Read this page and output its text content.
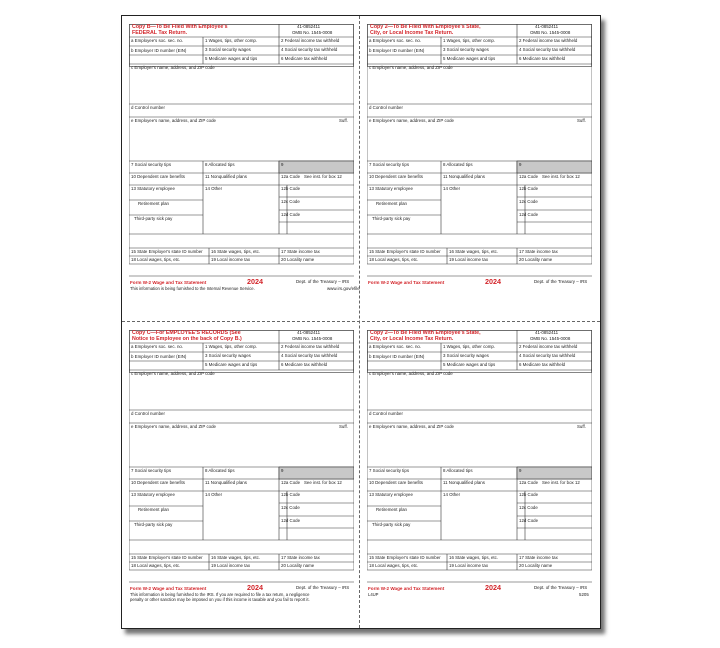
Copy B—To Be Filed With Employee's
FEDERAL Tax Return.
41-0852411
OMB No. 1545-0008
a Employee's soc. sec. no.	1 Wages, tips, other comp.	2 Federal income tax withheld
3 Social security wages	4 Social security tax withheld
b Employer ID number (EIN)
5 Medicare wages and tips	6 Medicare tax withheld
c Employer's name, address, and ZIP code
d Control number
e Employee's name, address, and ZIP code	Suff.
7 Social security tips	8 Allocated tips	9
10 Dependent care benefits	11 Nonqualified plans	12a Code See inst. for box 12
13 Statutory employee	14 Other	12b Code
Retirement plan	12c Code
Third-party sick pay
12d Code
15 State Employer's state ID number 16 State wages, tips, etc.	17 State income tax
18 Local wages, tips, etc.	19 Local income tax	20 Locality name
Form W-2 Wage and Tax Statement	2024	Dept. of the Treasury – IRS
This information is being furnished to the Internal Revenue Service.	www.irs.gov/efile
Copy 2—To Be Filed With Employee's State,
City, or Local Income Tax Return.
41-0852411
OMB No. 1545-0008
a Employee's soc. sec. no.	1 Wages, tips, other comp.	2 Federal income tax withheld
3 Social security wages	4 Social security tax withheld
b Employer ID number (EIN)
5 Medicare wages and tips	6 Medicare tax withheld
c Employer's name, address, and ZIP code
d Control number
e Employee's name, address, and ZIP code	Suff.
7 Social security tips	8 Allocated tips	9
10 Dependent care benefits	11 Nonqualified plans	12a Code See inst. for box 12
13 Statutory employee	14 Other	12b Code
Retirement plan	12c Code
Third-party sick pay
12d Code
15 State Employer's state ID number 16 State wages, tips, etc.	17 State income tax
18 Local wages, tips, etc.	19 Local income tax	20 Locality name
Form W-2 Wage and Tax Statement	2024	Dept. of the Treasury – IRS
Copy C—For EMPLOYEE'S RECORDS (See
Notice to Employee on the back of Copy B.)
41-0852411
OMB No. 1545-0008
a Employee's soc. sec. no.	1 Wages, tips, other comp.	2 Federal income tax withheld
3 Social security wages	4 Social security tax withheld
b Employer ID number (EIN)
5 Medicare wages and tips	6 Medicare tax withheld
c Employer's name, address, and ZIP code
d Control number
e Employee's name, address, and ZIP code	Suff.
7 Social security tips	8 Allocated tips	9
10 Dependent care benefits	11 Nonqualified plans	12a Code See inst. for box 12
13 Statutory employee	14 Other	12b Code
Retirement plan	12c Code
Third-party sick pay
12d Code
15 State Employer's state ID number 16 State wages, tips, etc.	17 State income tax
18 Local wages, tips, etc.	19 Local income tax	20 Locality name
Form W-2 Wage and Tax Statement	2024	Dept. of the Treasury – IRS
This information is being furnished to the IRS. If you are required to file a tax return, a negligence
penalty or other sanction may be imposed on you if this income is taxable and you fail to report it.
Copy 2—To Be Filed With Employee's State,
City, or Local Income Tax Return.
41-0852411
OMB No. 1545-0008
a Employee's soc. sec. no.	1 Wages, tips, other comp.	2 Federal income tax withheld
3 Social security wages	4 Social security tax withheld
b Employer ID number (EIN)
5 Medicare wages and tips	6 Medicare tax withheld
c Employer's name, address, and ZIP code
d Control number
e Employee's name, address, and ZIP code	Suff.
7 Social security tips	8 Allocated tips	9
10 Dependent care benefits	11 Nonqualified plans	12a Code See inst. for box 12
13 Statutory employee	14 Other	12b Code
Retirement plan	12c Code
Third-party sick pay
12d Code
15 State Employer's state ID number 16 State wages, tips, etc.	17 State income tax
18 Local wages, tips, etc.	19 Local income tax	20 Locality name
Form W-2 Wage and Tax Statement	2024	Dept. of the Treasury – IRS
L4UP	5205
